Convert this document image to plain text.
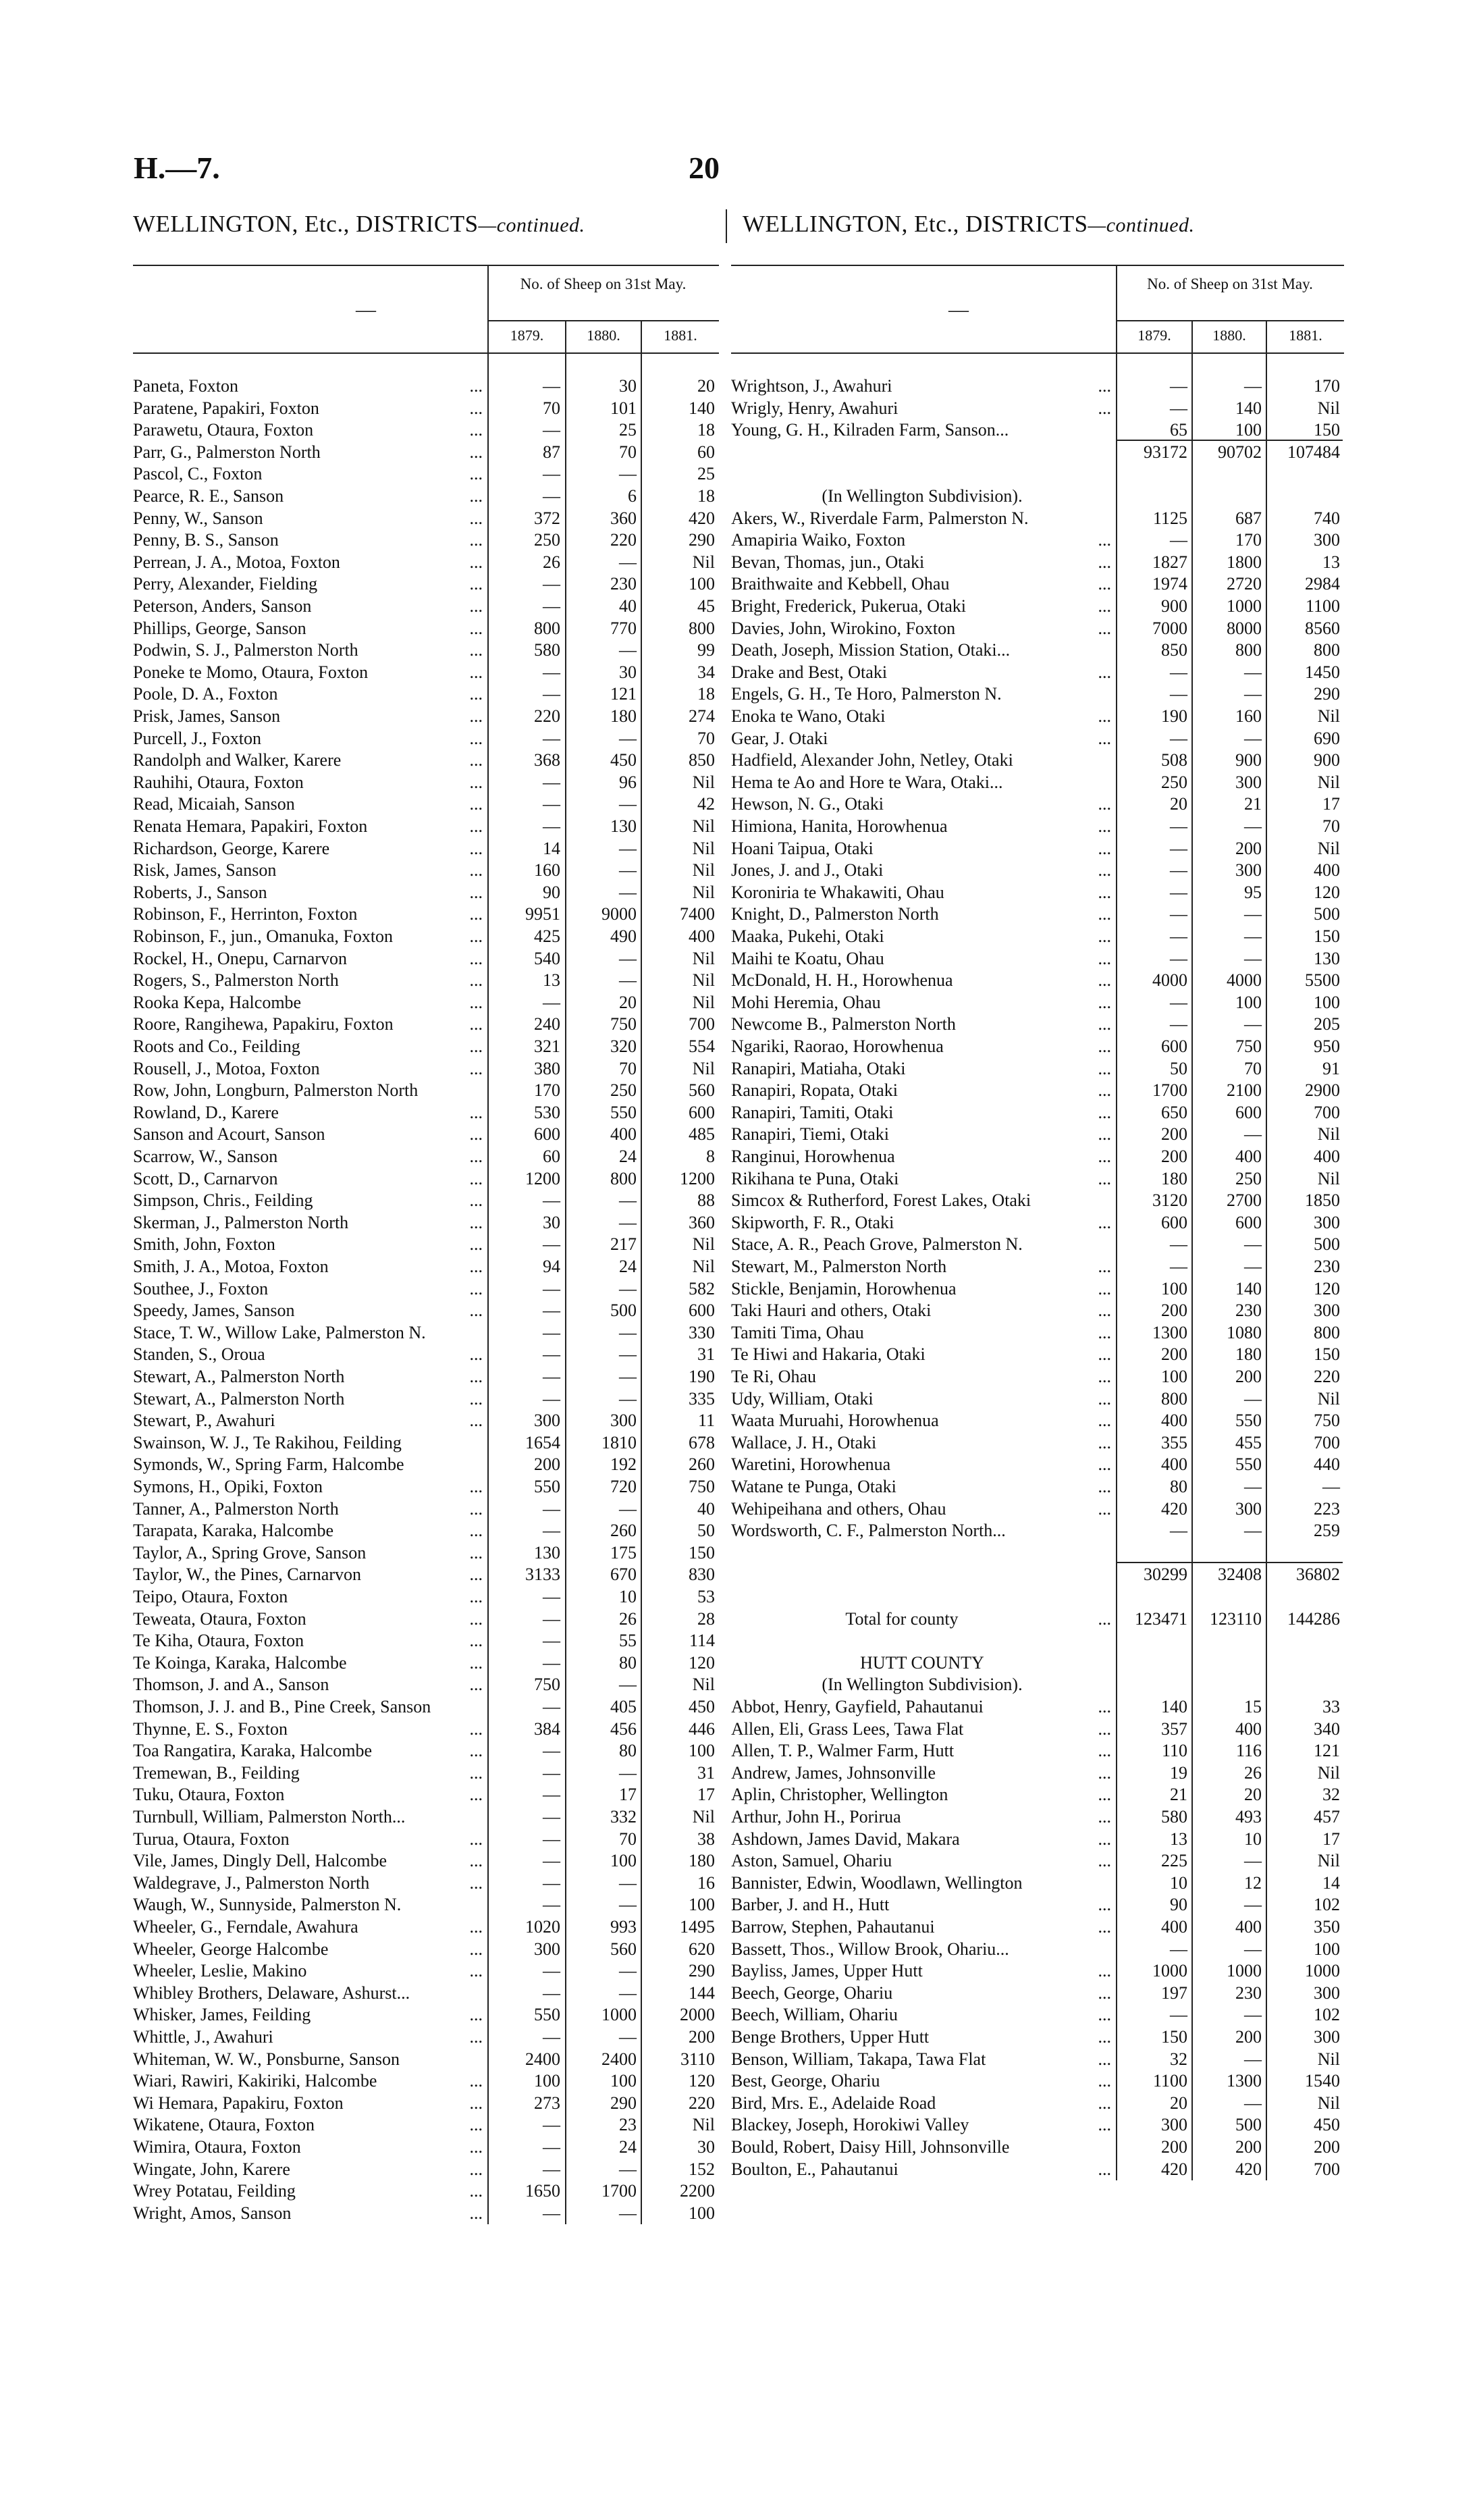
H.—7.	20
WELLINGTON, Etc., DISTRICTS—continued.	WELLINGTON, Etc., DISTRICTS—continued.
—
No. of Sheep on 31st May.
1879.	1880.	1881.
Paneta, Foxton	...	—	30	20
Paratene, Papakiri, Foxton	...	70	101	140
Parawetu, Otaura, Foxton	...	—	25	18
Parr, G., Palmerston North	...	87	70	60
Pascol, C., Foxton	...	—	—	25
Pearce, R. E., Sanson	...	—	6	18
Penny, W., Sanson	...	372	360	420
Penny, B. S., Sanson	...	250	220	290
Perrean, J. A., Motoa, Foxton	...	26	—	Nil
Perry, Alexander, Fielding	...	—	230	100
Peterson, Anders, Sanson	...	—	40	45
Phillips, George, Sanson	...	800	770	800
Podwin, S. J., Palmerston North	...	580	—	99
Poneke te Momo, Otaura, Foxton	...	—	30	34
Poole, D. A., Foxton	...	—	121	18
Prisk, James, Sanson	...	220	180	274
Purcell, J., Foxton	...	—	—	70
Randolph and Walker, Karere	...	368	450	850
Rauhihi, Otaura, Foxton	...	—	96	Nil
Read, Micaiah, Sanson	...	—	—	42
Renata Hemara, Papakiri, Foxton	...	—	130	Nil
Richardson, George, Karere	...	14	—	Nil
Risk, James, Sanson	...	160	—	Nil
Roberts, J., Sanson	...	90	—	Nil
Robinson, F., Herrinton, Foxton	...	9951	9000	7400
Robinson, F., jun., Omanuka, Foxton	...	425	490	400
Rockel, H., Onepu, Carnarvon	...	540	—	Nil
Rogers, S., Palmerston North	...	13	—	Nil
Rooka Kepa, Halcombe	...	—	20	Nil
Roore, Rangihewa, Papakiru, Foxton	...	240	750	700
Roots and Co., Feilding	...	321	320	554
Rousell, J., Motoa, Foxton	...	380	70	Nil
Row, John, Longburn, Palmerston North	170	250	560
Rowland, D., Karere	...	530	550	600
Sanson and Acourt, Sanson	...	600	400	485
Scarrow, W., Sanson	...	60	24	8
Scott, D., Carnarvon	...	1200	800	1200
Simpson, Chris., Feilding	...	—	—	88
Skerman, J., Palmerston North	...	30	—	360
Smith, John, Foxton	...	—	217	Nil
Smith, J. A., Motoa, Foxton	...	94	24	Nil
Southee, J., Foxton	...	—	—	582
Speedy, James, Sanson	...	—	500	600
Stace, T. W., Willow Lake, Palmerston N.	—	—	330
Standen, S., Oroua	...	—	—	31
Stewart, A., Palmerston North	...	—	—	190
Stewart, A., Palmerston North	...	—	—	335
Stewart, P., Awahuri	...	300	300	11
Swainson, W. J., Te Rakihou, Feilding	1654	1810	678
Symonds, W., Spring Farm, Halcombe	200	192	260
Symons, H., Opiki, Foxton	...	550	720	750
Tanner, A., Palmerston North	...	—	—	40
Tarapata, Karaka, Halcombe	...	—	260	50
Taylor, A., Spring Grove, Sanson	...	130	175	150
Taylor, W., the Pines, Carnarvon	...	3133	670	830
Teipo, Otaura, Foxton	...	—	10	53
Teweata, Otaura, Foxton	...	—	26	28
Te Kiha, Otaura, Foxton	...	—	55	114
Te Koinga, Karaka, Halcombe	...	—	80	120
Thomson, J. and A., Sanson	...	750	—	Nil
Thomson, J. J. and B., Pine Creek, Sanson	—	405	450
Thynne, E. S., Foxton	...	384	456	446
Toa Rangatira, Karaka, Halcombe	...	—	80	100
Tremewan, B., Feilding	...	—	—	31
Tuku, Otaura, Foxton	...	—	17	17
Turnbull, William, Palmerston North...	—	332	Nil
Turua, Otaura, Foxton	...	—	70	38
Vile, James, Dingly Dell, Halcombe	...	—	100	180
Waldegrave, J., Palmerston North	...	—	—	16
Waugh, W., Sunnyside, Palmerston N.	—	—	100
Wheeler, G., Ferndale, Awahura	...	1020	993	1495
Wheeler, George Halcombe	...	300	560	620
Wheeler, Leslie, Makino	...	—	—	290
Whibley Brothers, Delaware, Ashurst...	—	—	144
Whisker, James, Feilding	...	550	1000	2000
Whittle, J., Awahuri	...	—	—	200
Whiteman, W. W., Ponsburne, Sanson	2400	2400	3110
Wiari, Rawiri, Kakiriki, Halcombe	...	100	100	120
Wi Hemara, Papakiru, Foxton	...	273	290	220
Wikatene, Otaura, Foxton	...	—	23	Nil
Wimira, Otaura, Foxton	...	—	24	30
Wingate, John, Karere	...	—	—	152
Wrey Potatau, Feilding	...	1650	1700	2200
Wright, Amos, Sanson	...	—	—	100
—
No. of Sheep on 31st May.
1879.	1880.	1881.
Wrightson, J., Awahuri	...	—	—	170
Wrigly, Henry, Awahuri	...	—	140	Nil
Young, G. H., Kilraden Farm, Sanson...	65	100	150
93172	90702	107484
(In Wellington Subdivision).
Akers, W., Riverdale Farm, Palmerston N.	1125	687	740
Amapiria Waiko, Foxton	...	—	170	300
Bevan, Thomas, jun., Otaki	...	1827	1800	13
Braithwaite and Kebbell, Ohau	...	1974	2720	2984
Bright, Frederick, Pukerua, Otaki	...	900	1000	1100
Davies, John, Wirokino, Foxton	...	7000	8000	8560
Death, Joseph, Mission Station, Otaki...	850	800	800
Drake and Best, Otaki	...	—	—	1450
Engels, G. H., Te Horo, Palmerston N.	—	—	290
Enoka te Wano, Otaki	...	190	160	Nil
Gear, J. Otaki	...	—	—	690
Hadfield, Alexander John, Netley, Otaki	508	900	900
Hema te Ao and Hore te Wara, Otaki...	250	300	Nil
Hewson, N. G., Otaki	...	20	21	17
Himiona, Hanita, Horowhenua	...	—	—	70
Hoani Taipua, Otaki	...	—	200	Nil
Jones, J. and J., Otaki	...	—	300	400
Koroniria te Whakawiti, Ohau	...	—	95	120
Knight, D., Palmerston North	...	—	—	500
Maaka, Pukehi, Otaki	...	—	—	150
Maihi te Koatu, Ohau	...	—	—	130
McDonald, H. H., Horowhenua	...	4000	4000	5500
Mohi Heremia, Ohau	...	—	100	100
Newcome B., Palmerston North	...	—	—	205
Ngariki, Raorao, Horowhenua	...	600	750	950
Ranapiri, Matiaha, Otaki	...	50	70	91
Ranapiri, Ropata, Otaki	...	1700	2100	2900
Ranapiri, Tamiti, Otaki	...	650	600	700
Ranapiri, Tiemi, Otaki	...	200	—	Nil
Ranginui, Horowhenua	...	200	400	400
Rikihana te Puna, Otaki	...	180	250	Nil
Simcox & Rutherford, Forest Lakes, Otaki	3120	2700	1850
Skipworth, F. R., Otaki	...	600	600	300
Stace, A. R., Peach Grove, Palmerston N.	—	—	500
Stewart, M., Palmerston North	...	—	—	230
Stickle, Benjamin, Horowhenua	...	100	140	120
Taki Hauri and others, Otaki	...	200	230	300
Tamiti Tima, Ohau	...	1300	1080	800
Te Hiwi and Hakaria, Otaki	...	200	180	150
Te Ri, Ohau	...	100	200	220
Udy, William, Otaki	...	800	—	Nil
Waata Muruahi, Horowhenua	...	400	550	750
Wallace, J. H., Otaki	...	355	455	700
Waretini, Horowhenua	...	400	550	440
Watane te Punga, Otaki	...	80	—	—
Wehipeihana and others, Ohau	...	420	300	223
Wordsworth, C. F., Palmerston North...	—	—	259
30299	32408	36802
Total for county	...	123471	123110	144286
HUTT COUNTY
(In Wellington Subdivision).
Abbot, Henry, Gayfield, Pahautanui	...	140	15	33
Allen, Eli, Grass Lees, Tawa Flat	...	357	400	340
Allen, T. P., Walmer Farm, Hutt	...	110	116	121
Andrew, James, Johnsonville	...	19	26	Nil
Aplin, Christopher, Wellington	...	21	20	32
Arthur, John H., Porirua	...	580	493	457
Ashdown, James David, Makara	...	13	10	17
Aston, Samuel, Ohariu	...	225	—	Nil
Bannister, Edwin, Woodlawn, Wellington	10	12	14
Barber, J. and H., Hutt	...	90	—	102
Barrow, Stephen, Pahautanui	...	400	400	350
Bassett, Thos., Willow Brook, Ohariu...	—	—	100
Bayliss, James, Upper Hutt	...	1000	1000	1000
Beech, George, Ohariu	...	197	230	300
Beech, William, Ohariu	...	—	—	102
Benge Brothers, Upper Hutt	...	150	200	300
Benson, William, Takapa, Tawa Flat	...	32	—	Nil
Best, George, Ohariu	...	1100	1300	1540
Bird, Mrs. E., Adelaide Road	...	20	—	Nil
Blackey, Joseph, Horokiwi Valley	...	300	500	450
Bould, Robert, Daisy Hill, Johnsonville	200	200	200
Boulton, E., Pahautanui	...	420	420	700
